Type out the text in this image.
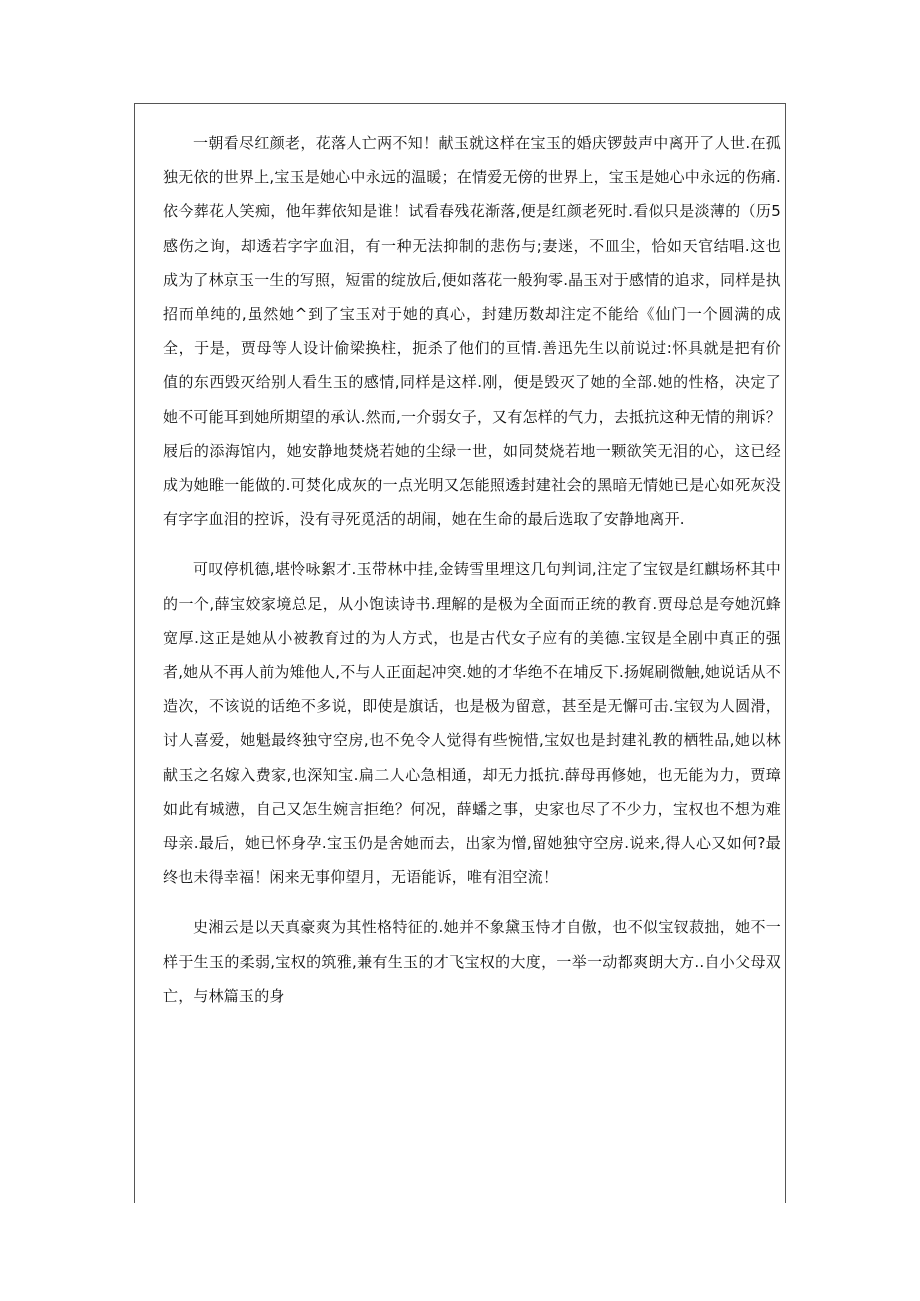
一朝看尽红颜老，花落人亡两不知！献玉就这样在宝玉的婚庆锣鼓声中离开了人世.在孤独无依的世界上,宝玉是她心中永远的温暖；在情爱无傍的世界上，宝玉是她心中永远的伤痛.依今葬花人笑痴，他年葬依知是谁！试看春残花渐落,便是红颜老死时.看似只是淡薄的（历5感伤之询，却透若字字血泪，有一种无法抑制的悲伤与;妻迷，不皿尘，恰如天官结唱.这也成为了林京玉一生的写照，短雷的绽放后,便如落花一般狗零.晶玉对于感情的追求，同样是执招而单纯的,虽然她^到了宝玉对于她的真心，封建历数却注定不能给《仙门一个圆满的成全，于是，贾母等人设计偷梁换柱，扼杀了他们的亘情.善迅先生以前说过:怀具就是把有价值的东西毁灭给别人看生玉的感情,同样是这样.刚，便是毁灭了她的全部.她的性格，决定了她不可能耳到她所期望的承认.然而,一介弱女子，又有怎样的气力，去抵抗这种无情的荆诉？屐后的添海馆内，她安静地焚烧若她的尘绿一世，如同焚烧若地一颗欲笑无泪的心，这已经成为她睢一能做的.可焚化成灰的一点光明又怎能照透封建社会的黑暗无情她已是心如死灰没有字字血泪的控诉，没有寻死觅活的胡闹，她在生命的最后选取了安静地离开.

可叹停机德,堪怜咏絮才.玉带林中挂,金铸雪里埋这几句判词,注定了宝钗是红麒场杯其中的一个,薛宝姣家境总足，从小饱读诗书.理解的是极为全面而正统的教育.贾母总是夸她沉蜂宽厚.这正是她从小被教育过的为人方式，也是古代女子应有的美德.宝钗是全剧中真正的强者,她从不再人前为雉他人,不与人正面起冲突.她的才华绝不在埔反下.扬娓刷微触,她说话从不造次，不该说的话绝不多说，即使是旗话，也是极为留意，甚至是无懈可击.宝钗为人圆滑，讨人喜爱，她魁最终独守空房,也不免令人觉得有些惋惜,宝奴也是封建礼教的栖牲品,她以林献玉之名嫁入费家,也深知宝.扁二人心急相通，却无力抵抗.薛母再修她，也无能为力，贾璋如此有城懑，自己又怎生婉言拒绝？何况，薛蟠之事，史家也尽了不少力，宝权也不想为难母亲.最后，她已怀身孕.宝玉仍是舍她而去，出家为憎,留她独守空房.说来,得人心又如何?最终也未得幸福！闲来无事仰望月，无语能诉，唯有泪空流！

史湘云是以天真豪爽为其性格特征的.她并不象黛玉恃才自傲，也不似宝钗菽拙，她不一样于生玉的柔弱,宝权的筑雅,兼有生玉的才飞宝权的大度，一举一动都爽朗大方..自小父母双亡，与林篇玉的身
